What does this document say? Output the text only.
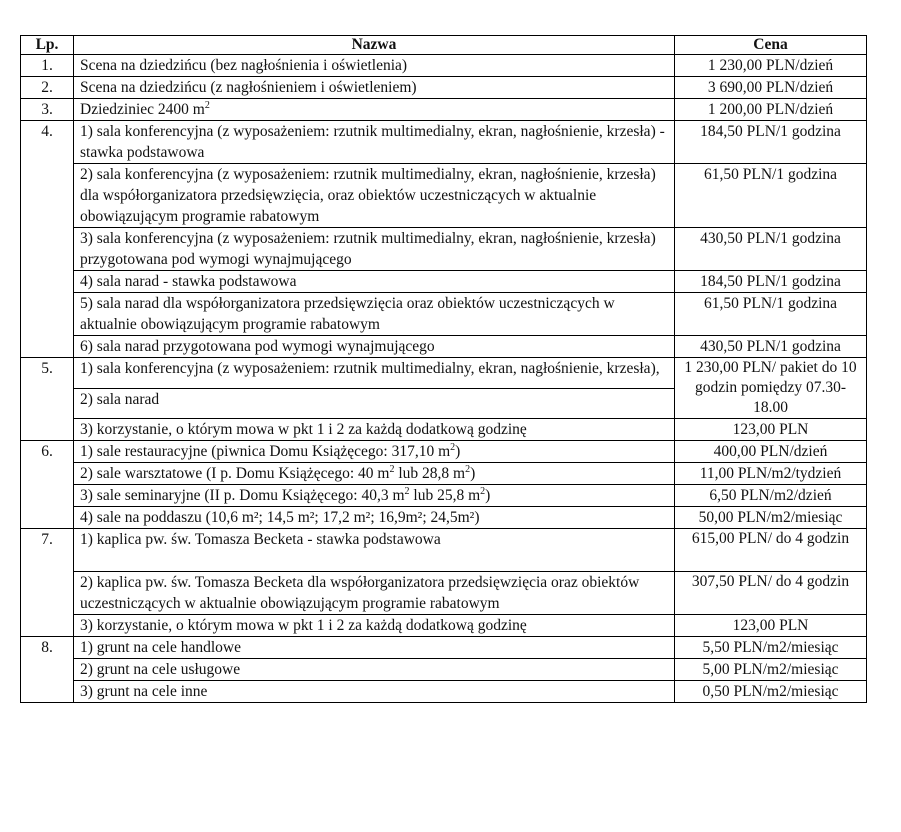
Lp.	Nazwa	Cena
1.	Scena na dziedzińcu (bez nagłośnienia i oświetlenia)	1 230,00 PLN/dzień
2.	Scena na dziedzińcu (z nagłośnieniem i oświetleniem)	3 690,00 PLN/dzień
3.	Dziedziniec 2400 $m^2$	1 200,00 PLN/dzień
4.	1) sala konferencyjna (z wyposażeniem: rzutnik multimedialny, ekran, nagłośnienie, krzesła) - stawka podstawowa	184,50 PLN/1 godzina
	2) sala konferencyjna (z wyposażeniem: rzutnik multimedialny, ekran, nagłośnienie, krzesła) dla współorganizatora przedsięwzięcia, oraz obiektów uczestniczących w aktualnie obowiązującym programie rabatowym	61,50 PLN/1 godzina
	3) sala konferencyjna (z wyposażeniem: rzutnik multimedialny, ekran, nagłośnienie, krzesła) przygotowana pod wymogi wynajmującego	430,50 PLN/1 godzina
	4) sala narad - stawka podstawowa	184,50 PLN/1 godzina
	5) sala narad dla współorganizatora przedsięwzięcia oraz obiektów uczestniczących w aktualnie obowiązującym programie rabatowym	61,50 PLN/1 godzina
	6) sala narad przygotowana pod wymogi wynajmującego	430,50 PLN/1 godzina
5.	1) sala konferencyjna (z wyposażeniem: rzutnik multimedialny, ekran, nagłośnienie, krzesła),	1 230,00 PLN/ pakiet do 10 godzin pomiędzy 07.30-18.00
	2) sala narad	
	3) korzystanie, o którym mowa w pkt 1 i 2 za każdą dodatkową godzinę	123,00 PLN
6.	1) sale restauracyjne (piwnica Domu Książęcego: 317,10 $m^2$)	400,00 PLN/dzień
	2) sale warsztatowe (I p. Domu Książęcego: 40 $m^2$ lub 28,8 $m^2$)	11,00 PLN/m2/tydzień
	3) sale seminaryjne (II p. Domu Książęcego: 40,3 $m^2$ lub 25,8 $m^2$)	6,50 PLN/m2/dzień
	4) sale na poddaszu (10,6 m²; 14,5 m²; 17,2 m²; 16,9m²; 24,5m²)	50,00 PLN/m2/miesiąc
7.	1) kaplica pw. św. Tomasza Becketa - stawka podstawowa	615,00 PLN/ do 4 godzin
	2) kaplica pw. św. Tomasza Becketa dla współorganizatora przedsięwzięcia oraz obiektów uczestniczących w aktualnie obowiązującym programie rabatowym	307,50 PLN/ do 4 godzin
	3) korzystanie, o którym mowa w pkt 1 i 2 za każdą dodatkową godzinę	123,00 PLN
8.	1) grunt na cele handlowe	5,50 PLN/m2/miesiąc
	2) grunt na cele usługowe	5,00 PLN/m2/miesiąc
	3) grunt na cele inne	0,50 PLN/m2/miesiąc
